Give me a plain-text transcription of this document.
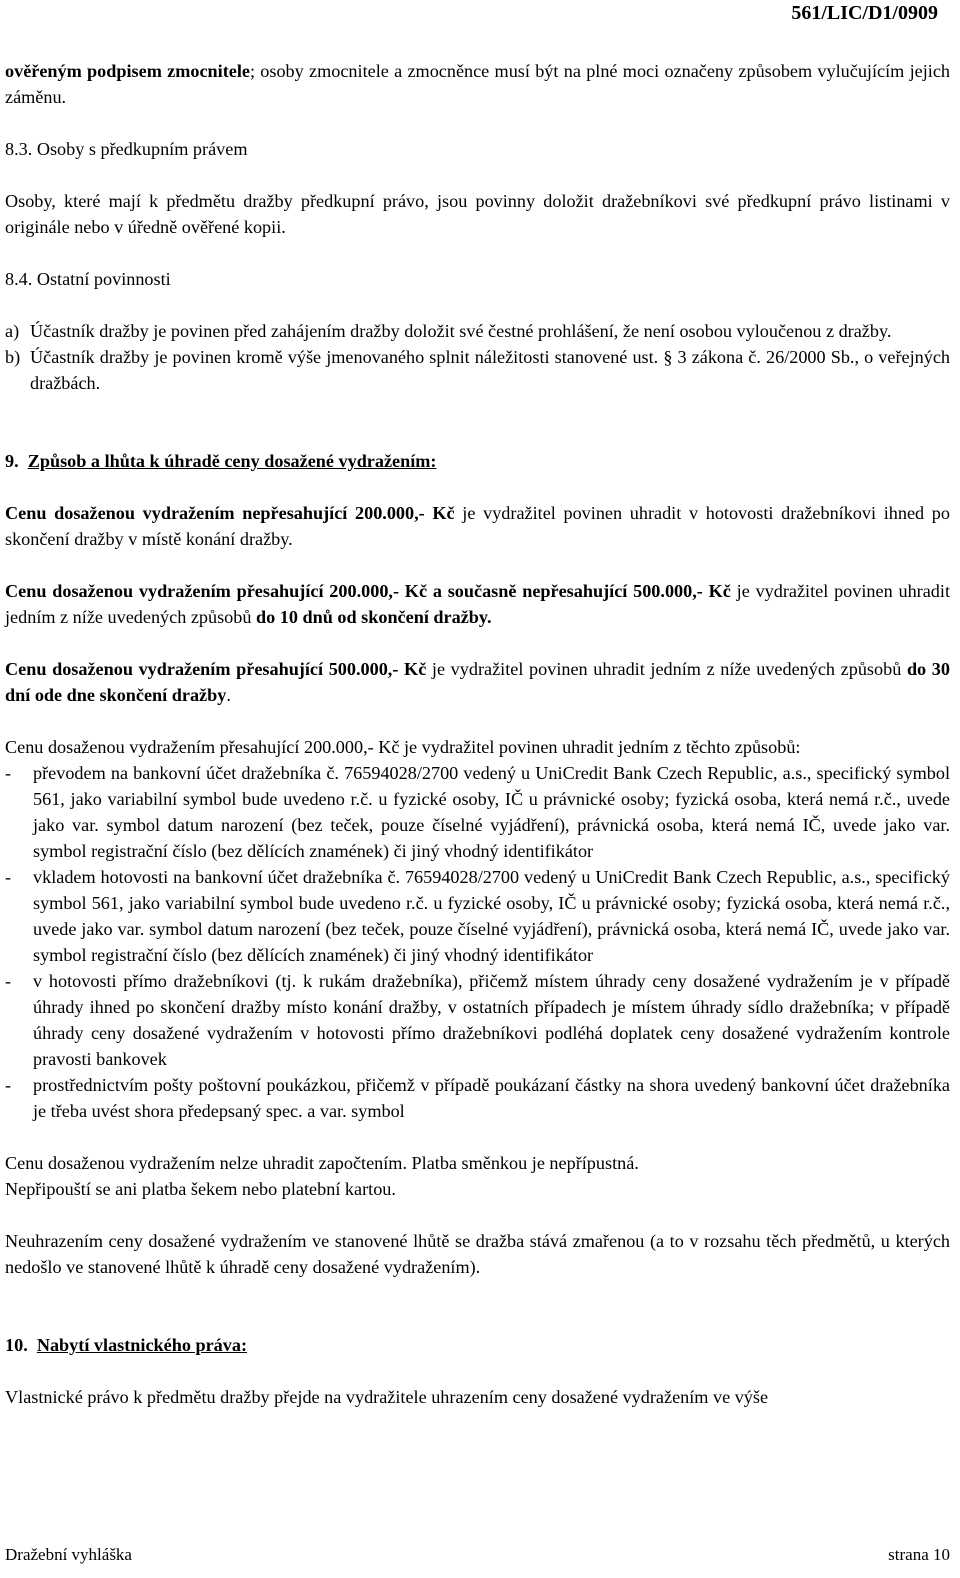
561/LIC/D1/0909

ověřeným podpisem zmocnitele; osoby zmocnitele a zmocněnce musí být na plné moci označeny způsobem vylučujícím jejich záměnu.

8.3. Osoby s předkupním právem

Osoby, které mají k předmětu dražby předkupní právo, jsou povinny doložit dražebníkovi své předkupní právo listinami v originále nebo v úředně ověřené kopii.

8.4. Ostatní povinnosti

a) Účastník dražby je povinen před zahájením dražby doložit své čestné prohlášení, že není osobou vyloučenou z dražby.
b) Účastník dražby je povinen kromě výše jmenovaného splnit náležitosti stanovené ust. § 3 zákona č. 26/2000 Sb., o veřejných dražbách.

9. Způsob a lhůta k úhradě ceny dosažené vydražením:

Cenu dosaženou vydražením nepřesahující 200.000,- Kč je vydražitel povinen uhradit v hotovosti dražebníkovi ihned po skončení dražby v místě konání dražby.

Cenu dosaženou vydražením přesahující 200.000,- Kč a současně nepřesahující 500.000,- Kč je vydražitel povinen uhradit jedním z níže uvedených způsobů do 10 dnů od skončení dražby.

Cenu dosaženou vydražením přesahující 500.000,- Kč je vydražitel povinen uhradit jedním z níže uvedených způsobů do 30 dní ode dne skončení dražby.

Cenu dosaženou vydražením přesahující 200.000,- Kč je vydražitel povinen uhradit jedním z těchto způsobů:

-	převodem na bankovní účet dražebníka č. 76594028/2700 vedený u UniCredit Bank Czech Republic, a.s., specifický symbol 561, jako variabilní symbol bude uvedeno r.č. u fyzické osoby, IČ u právnické osoby; fyzická osoba, která nemá r.č., uvede jako var. symbol datum narození (bez teček, pouze číselné vyjádření), právnická osoba, která nemá IČ, uvede jako var. symbol registrační číslo (bez dělících znamének) či jiný vhodný identifikátor
-	vkladem hotovosti na bankovní účet dražebníka č. 76594028/2700 vedený u UniCredit Bank Czech Republic, a.s., specifický symbol 561, jako variabilní symbol bude uvedeno r.č. u fyzické osoby, IČ u právnické osoby; fyzická osoba, která nemá r.č., uvede jako var. symbol datum narození (bez teček, pouze číselné vyjádření), právnická osoba, která nemá IČ, uvede jako var. symbol registrační číslo (bez dělících znamének) či jiný vhodný identifikátor
-	v hotovosti přímo dražebníkovi (tj. k rukám dražebníka), přičemž místem úhrady ceny dosažené vydražením je v případě úhrady ihned po skončení dražby místo konání dražby, v ostatních případech je místem úhrady sídlo dražebníka; v případě úhrady ceny dosažené vydražením v hotovosti přímo dražebníkovi podléhá doplatek ceny dosažené vydražením kontrole pravosti bankovek
-	prostřednictvím pošty poštovní poukázkou, přičemž v případě poukázaní částky na shora uvedený bankovní účet dražebníka je třeba uvést shora předepsaný spec. a var. symbol

Cenu dosaženou vydražením nelze uhradit započtením. Platba směnkou je nepřípustná.

Nepřipouští se ani platba šekem nebo platební kartou.

Neuhrazením ceny dosažené vydražením ve stanovené lhůtě se dražba stává zmařenou (a to v rozsahu těch předmětů, u kterých nedošlo ve stanovené lhůtě k úhradě ceny dosažené vydražením).

10. Nabytí vlastnického práva:

Vlastnické právo k předmětu dražby přejde na vydražitele uhrazením ceny dosažené vydražením ve výše

Dražební vyhláška	strana 10
